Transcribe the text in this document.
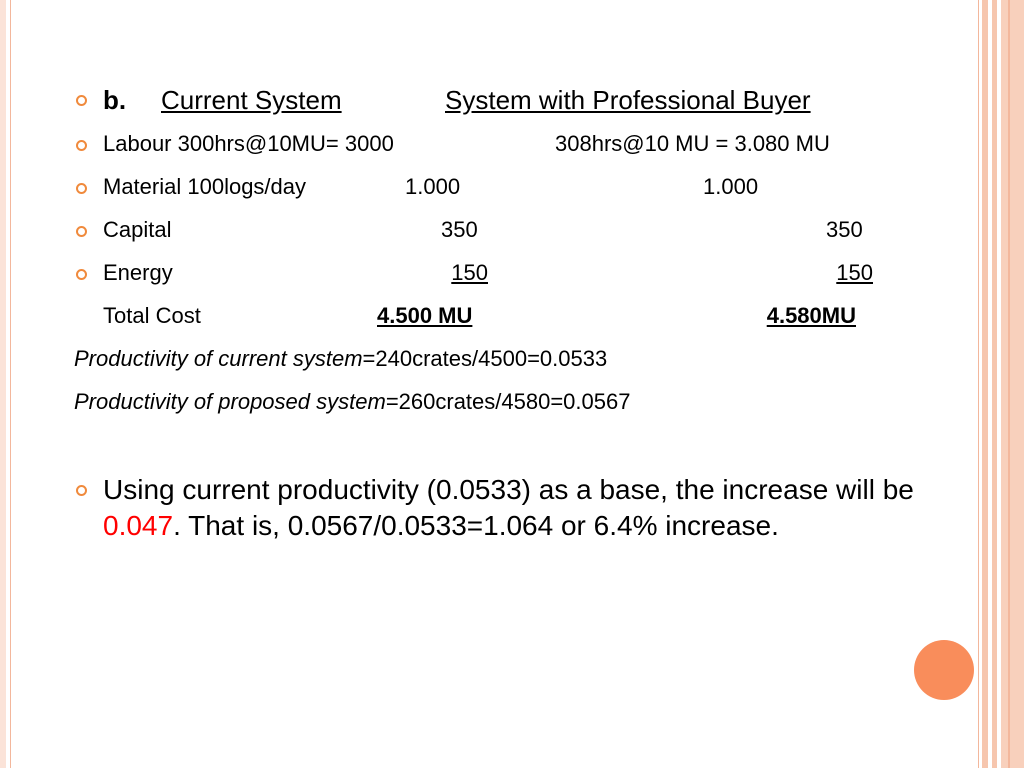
b. Current System	System with Professional Buyer
Labour 300hrs@10MU= 3000	308hrs@10 MU = 3.080 MU
Material 100logs/day	1.000	1.000
Capital	350	350
Energy	150	150
Total Cost	4.500 MU	4.580MU
Productivity of current system=240crates/4500=0.0533
Productivity of proposed system=260crates/4580=0.0567
Using current productivity (0.0533) as a base, the increase will be 0.047. That is, 0.0567/0.0533=1.064 or 6.4% increase.
